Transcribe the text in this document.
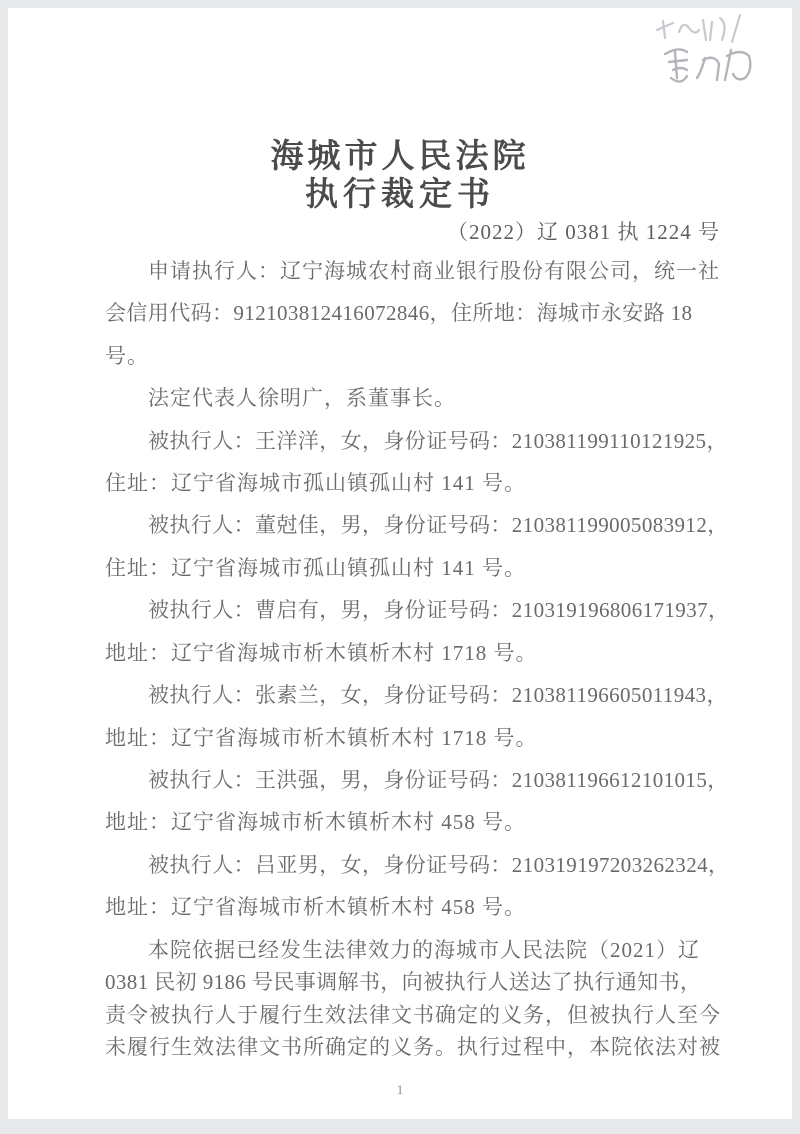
海城市人民法院
执行裁定书
（2022）辽 0381 执 1224 号
申请执行人：辽宁海城农村商业银行股份有限公司，统一社
会信用代码：912103812416072846，住所地：海城市永安路 18
号。
法定代表人徐明广，系董事长。
被执行人：王洋洋，女，身份证号码：210381199110121925，
住址：辽宁省海城市孤山镇孤山村 141 号。
被执行人：董尅佳，男，身份证号码：210381199005083912，
住址：辽宁省海城市孤山镇孤山村 141 号。
被执行人：曹启有，男，身份证号码：210319196806171937，
地址：辽宁省海城市析木镇析木村 1718 号。
被执行人：张素兰，女，身份证号码：210381196605011943，
地址：辽宁省海城市析木镇析木村 1718 号。
被执行人：王洪强，男，身份证号码：210381196612101015，
地址：辽宁省海城市析木镇析木村 458 号。
被执行人：吕亚男，女，身份证号码：210319197203262324，
地址：辽宁省海城市析木镇析木村 458 号。
本院依据已经发生法律效力的海城市人民法院（2021）辽
0381 民初 9186 号民事调解书，向被执行人送达了执行通知书，
责令被执行人于履行生效法律文书确定的义务，但被执行人至今
未履行生效法律文书所确定的义务。执行过程中，本院依法对被
1
